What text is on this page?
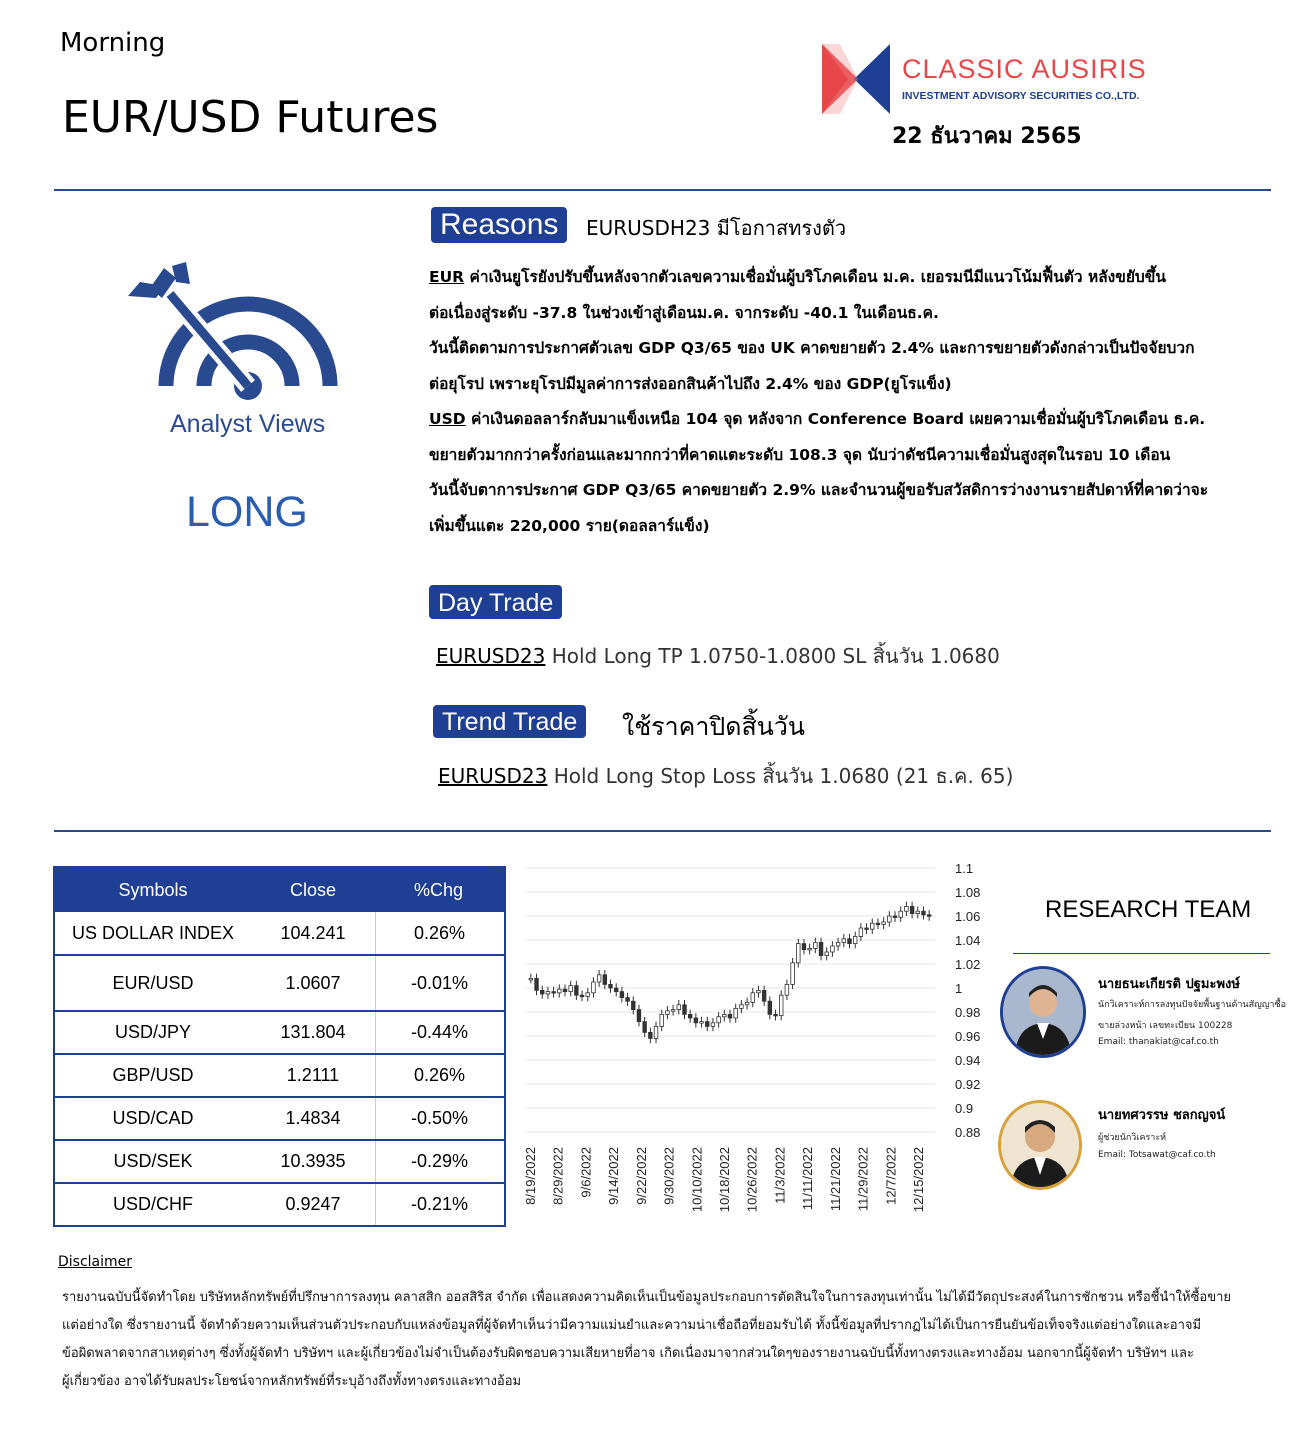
Morning
EUR/USD Futures
CLASSIC AUSIRIS
INVESTMENT ADVISORY SECURITIES CO.,LTD.
22 ธันวาคม 2565
Analyst Views
LONG
Reasons	EURUSDH23 มีโอกาสทรงตัว
EUR ค่าเงินยูโรยังปรับขึ้นหลังจากตัวเลขความเชื่อมั่นผู้บริโภคเดือน ม.ค. เยอรมนีมีแนวโน้มฟื้นตัว หลังขยับขึ้น
ต่อเนื่องสู่ระดับ -37.8 ในช่วงเข้าสู่เดือนม.ค. จากระดับ -40.1 ในเดือนธ.ค.
วันนี้ติดตามการประกาศตัวเลข GDP Q3/65 ของ UK คาดขยายตัว 2.4% และการขยายตัวดังกล่าวเป็นปัจจัยบวก
ต่อยุโรป เพราะยุโรปมีมูลค่าการส่งออกสินค้าไปถึง 2.4% ของ GDP(ยูโรแข็ง)
USD ค่าเงินดอลลาร์กลับมาแข็งเหนือ 104 จุด หลังจาก Conference Board เผยความเชื่อมั่นผู้บริโภคเดือน ธ.ค.
ขยายตัวมากกว่าครั้งก่อนและมากกว่าที่คาดแตะระดับ 108.3 จุด นับว่าดัชนีความเชื่อมั่นสูงสุดในรอบ 10 เดือน
วันนี้จับตาการประกาศ GDP Q3/65 คาดขยายตัว 2.9% และจำนวนผู้ขอรับสวัสดิการว่างงานรายสัปดาห์ที่คาดว่าจะ
เพิ่มขึ้นแตะ 220,000 ราย(ดอลลาร์แข็ง)
Day Trade
EURUSD23 Hold Long TP 1.0750-1.0800 SL สิ้นวัน 1.0680
Trend Trade	ใช้ราคาปิดสิ้นวัน
EURUSD23 Hold Long Stop Loss สิ้นวัน 1.0680 (21 ธ.ค. 65)
Symbols	Close	%Chg
US DOLLAR INDEX	104.241	0.26%
EUR/USD	1.0607	-0.01%
USD/JPY	131.804	-0.44%
GBP/USD	1.2111	0.26%
USD/CAD	1.4834	-0.50%
USD/SEK	10.3935	-0.29%
USD/CHF	0.9247	-0.21%
1.1
1.08
1.06
1.04
1.02
1
0.98
0.96
0.94
0.92
0.9
0.88
8/19/2022 8/29/2022 9/6/2022 9/14/2022 9/22/2022 9/30/2022 10/10/2022 10/18/2022 10/26/2022 11/3/2022 11/11/2022 11/21/2022 11/29/2022 12/7/2022 12/15/2022
RESEARCH TEAM
นายธนะเกียรติ ปฐมะพงษ์
นักวิเคราะห์การลงทุนปัจจัยพื้นฐานด้านสัญญาซื้อ
ขายล่วงหน้า เลขทะเบียน 100228
Email: thanakiat@caf.co.th
นายทศวรรษ ชลกญจน์
ผู้ช่วยนักวิเคราะห์
Email: Totsawat@caf.co.th
Disclaimer
รายงานฉบับนี้จัดทำโดย บริษัทหลักทรัพย์ที่ปรึกษาการลงทุน คลาสสิก ออสสิริส จำกัด เพื่อแสดงความคิดเห็นเป็นข้อมูลประกอบการตัดสินใจในการลงทุนเท่านั้น ไม่ได้มีวัตถุประสงค์ในการชักชวน หรือชี้นำให้ซื้อขาย
แต่อย่างใด ซึ่งรายงานนี้ จัดทำด้วยความเห็นส่วนตัวประกอบกับแหล่งข้อมูลที่ผู้จัดทำเห็นว่ามีความแม่นยำและความน่าเชื่อถือที่ยอมรับได้ ทั้งนี้ข้อมูลที่ปรากฏไม่ได้เป็นการยืนยันข้อเท็จจริงแต่อย่างใดและอาจมี
ข้อผิดพลาดจากสาเหตุต่างๆ ซึ่งทั้งผู้จัดทำ บริษัทฯ และผู้เกี่ยวข้องไม่จำเป็นต้องรับผิดชอบความเสียหายที่อาจ เกิดเนื่องมาจากส่วนใดๆของรายงานฉบับนี้ทั้งทางตรงและทางอ้อม นอกจากนี้ผู้จัดทำ บริษัทฯ และ
ผู้เกี่ยวข้อง อาจได้รับผลประโยชน์จากหลักทรัพย์ที่ระบุอ้างถึงทั้งทางตรงและทางอ้อม
